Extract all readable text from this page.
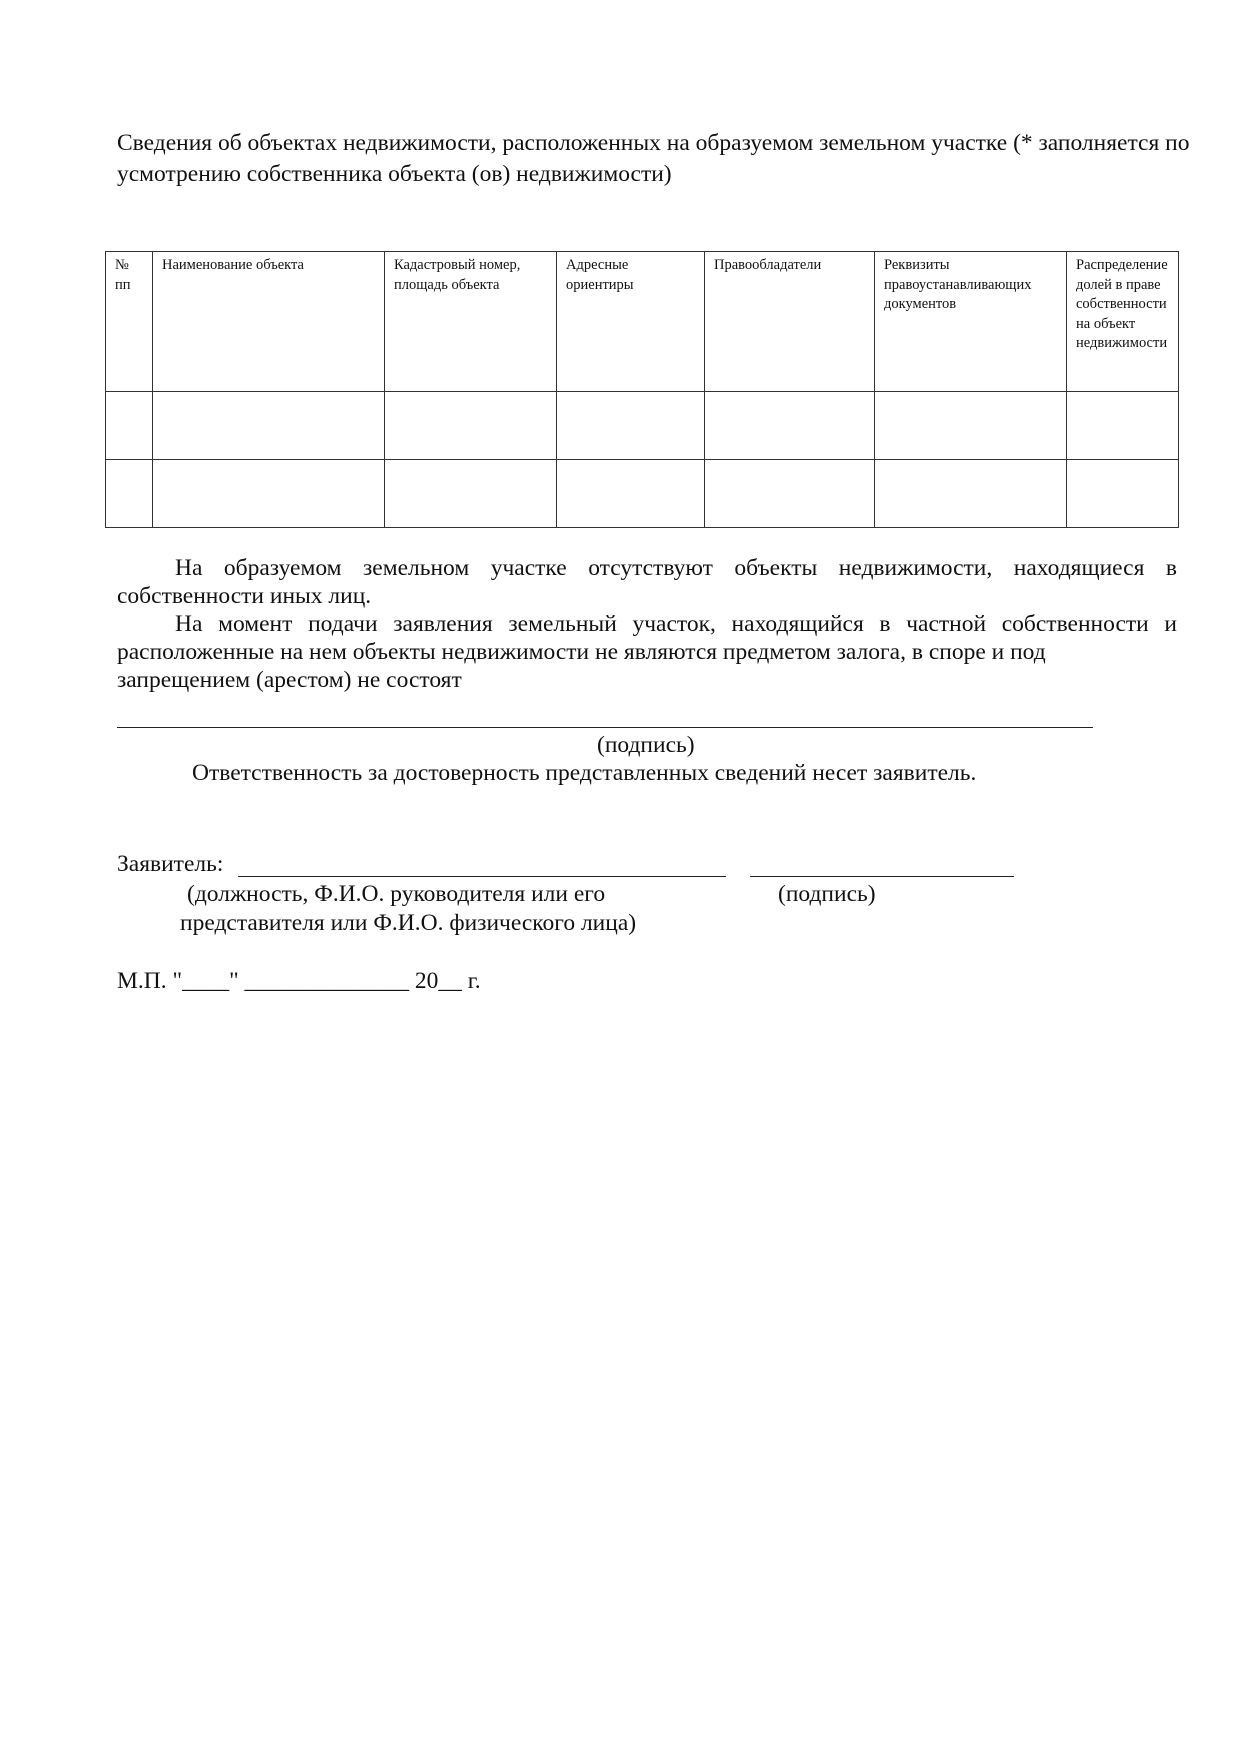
Сведения об объектах недвижимости, расположенных на образуемом земельном участке (* заполняется по усмотрению собственника объекта (ов) недвижимости)
№ пп	Наименование объекта	Кадастровый номер, площадь объекта	Адресные ориентиры	Правообладатели	Реквизиты правоустанавливающих документов	Распределение долей в праве собственности на объект недвижимости

На образуемом земельном участке отсутствуют объекты недвижимости, находящиеся в собственности иных лиц.
На момент подачи заявления земельный участок, находящийся в частной собственности и расположенные на нем объекты недвижимости не являются предметом залога, в споре и под
запрещением (арестом) не состоят
(подпись)
Ответственность за достоверность представленных сведений несет заявитель.
Заявитель:
(должность, Ф.И.О. руководителя или его
представителя или Ф.И.О. физического лица)
(подпись)
М.П. "____" ______________ 20__ г.
